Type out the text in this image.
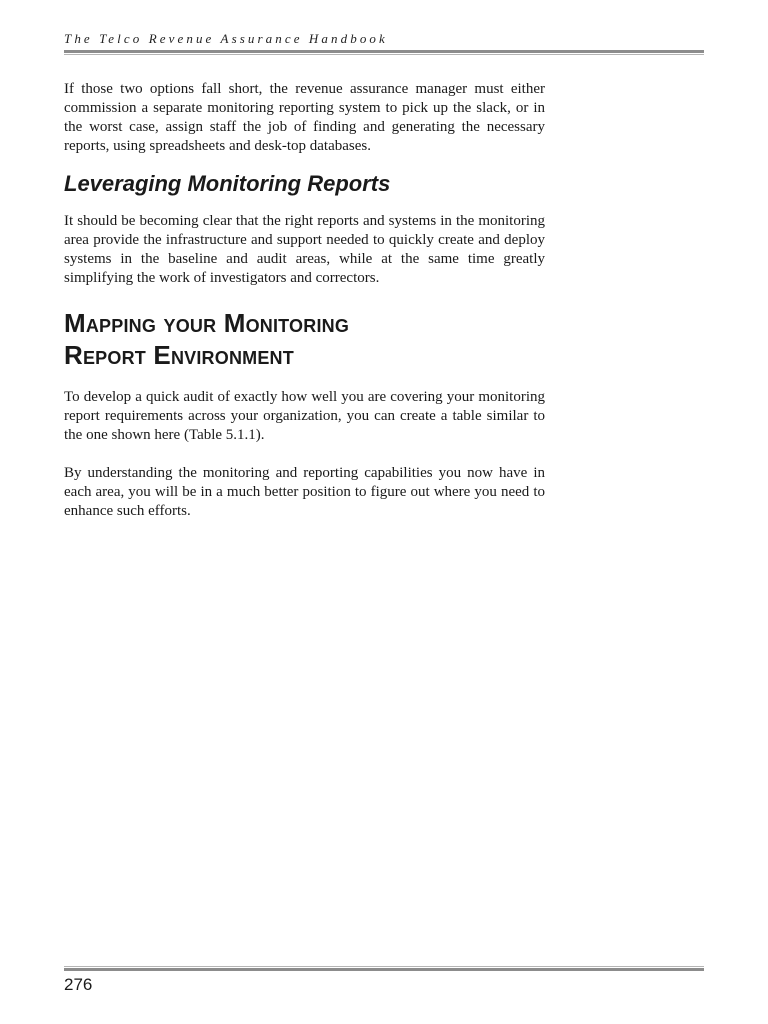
The Telco Revenue Assurance Handbook

If those two options fall short, the revenue assurance manager must either commission a separate monitoring reporting system to pick up the slack, or in the worst case, assign staff the job of finding and generating the necessary reports, using spreadsheets and desk-top databases.

Leveraging Monitoring Reports

It should be becoming clear that the right reports and systems in the monitoring area provide the infrastructure and support needed to quickly create and deploy systems in the baseline and audit areas, while at the same time greatly simplifying the work of investigators and correctors.

Mapping your Monitoring
Report Environment

To develop a quick audit of exactly how well you are covering your monitoring report requirements across your organization, you can create a table similar to the one shown here (Table 5.1.1).

By understanding the monitoring and reporting capabilities you now have in each area, you will be in a much better position to figure out where you need to enhance such efforts.

276
